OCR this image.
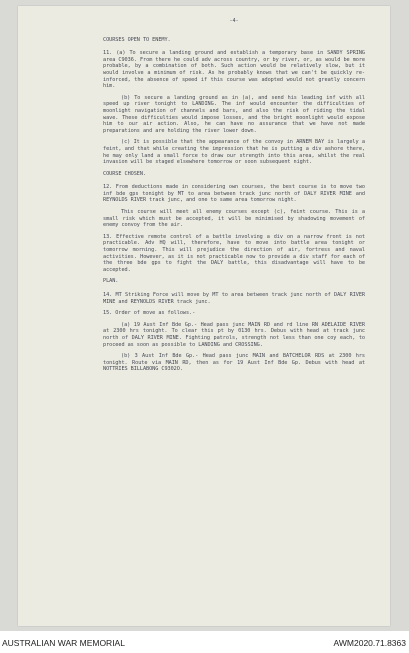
-4-

COURSES OPEN TO ENEMY.

11. (a) To secure a landing ground and establish a temporary base in SANDY SPRING area C9036. From there he could adv across country, or by river, or, as would be more probable, by a combination of both. Such action would be relatively slow, but it would involve a minimum of risk. As he probably knows that we can't be quickly re-inforced, the absence of speed if this course was adopted would not greatly concern him.

(b) To secure a landing ground as in (a), and send his leading inf with all speed up river tonight to LANDING. The inf would encounter the difficulties of moonlight navigation of channels and bars, and also the risk of riding the tidal wave. These difficulties would impose losses, and the bright moonlight would expose him to our air action. Also, he can have no assurance that we have not made preparations and are holding the river lower down.

(c) It is possible that the appearance of the convoy in ARNEM BAY is largely a feint, and that while creating the impression that he is putting a div ashore there, he may only land a small force to draw our strength into this area, whilst the real invasion will be staged elsewhere tomorrow or soon subsequent night.

COURSE CHOSEN.

12. From deductions made in considering own courses, the best course is to move two inf bde gps tonight by MT to area between track junc north of DALY RIVER MINE and REYNOLDS RIVER track junc, and one to same area tomorrow night.

This course will meet all enemy courses except (c), feint course. This is a small risk which must be accepted, it will be minimised by shadowing movement of enemy convoy from the air.

13. Effective remote control of a battle involving a div on a narrow front is not practicable. Adv HQ will, therefore, have to move into battle area tonight or tomorrow morning. This will prejudice the direction of air, fortress and naval activities. However, as it is not practicable now to provide a div staff for each of the three bde gps to fight the DALY battle, this disadvantage will have to be accepted.

PLAN.

14. MT Striking Force will move by MT to area between track junc north of DALY RIVER MINE and REYNOLDS RIVER track junc.

15. Order of move as follows.-

(a) 19 Aust Inf Bde Gp.- Head pass junc MAIN RD and rd line RN ADELAIDE RIVER at 2300 hrs tonight. To clear this pt by 0130 hrs. Debus with head at track junc north of DALY RIVER MINE. Fighting patrols, strength not less than one coy each, to proceed as soon as possible to LANDING and CROSSING.

(b) 3 Aust Inf Bde Gp.- Head pass junc MAIN and BATCHELOR RDS at 2300 hrs tonight. Route via MAIN RD, then as for 19 Aust Inf Bde Gp. Debus with head at NOTTRIES BILLABONG C9302O.

AUSTRALIAN WAR MEMORIAL	AWM2020.71.8363
